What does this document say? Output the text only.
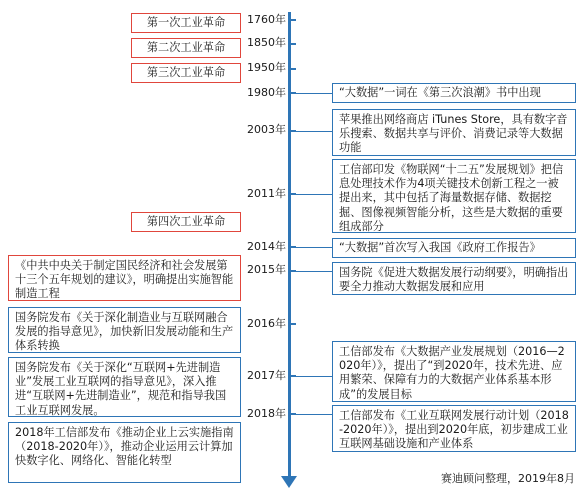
1760年
1850年
1950年
1980年
2003年
2011年
2014年
2015年
2016年
2017年
2018年
第一次工业革命
第二次工业革命
第三次工业革命
第四次工业革命
“大数据”一词在《第三次浪潮》书中出现
苹果推出网络商店 iTunes Store，具有数字音乐搜索、数据共享与评价、消费记录等大数据功能
工信部印发《物联网“十二五”发展规划》把信息处理技术作为4项关键技术创新工程之一被提出来，其中包括了海量数据存储、数据挖掘、图像视频智能分析，这些是大数据的重要组成部分
“大数据”首次写入我国《政府工作报告》
国务院《促进大数据发展行动纲要》，明确指出要全力推动大数据发展和应用
工信部发布《大数据产业发展规划（2016—2020年）》，提出了“到2020年，技术先进、应用繁荣、保障有力的大数据产业体系基本形成”的发展目标
工信部发布《工业互联网发展行动计划（2018-2020年）》，提出到2020年底，初步建成工业互联网基础设施和产业体系
《中共中央关于制定国民经济和社会发展第十三个五年规划的建议》，明确提出实施智能制造工程
国务院发布《关于深化制造业与互联网融合发展的指导意见》，加快新旧发展动能和生产体系转换
国务院发布《关于深化“互联网+先进制造业”发展工业互联网的指导意见》，深入推进“互联网+先进制造业”，规范和指导我国工业互联网发展。
2018年工信部发布《推动企业上云实施指南（2018-2020年）》，推动企业运用云计算加快数字化、网络化、智能化转型
赛迪顾问整理，2019年8月
